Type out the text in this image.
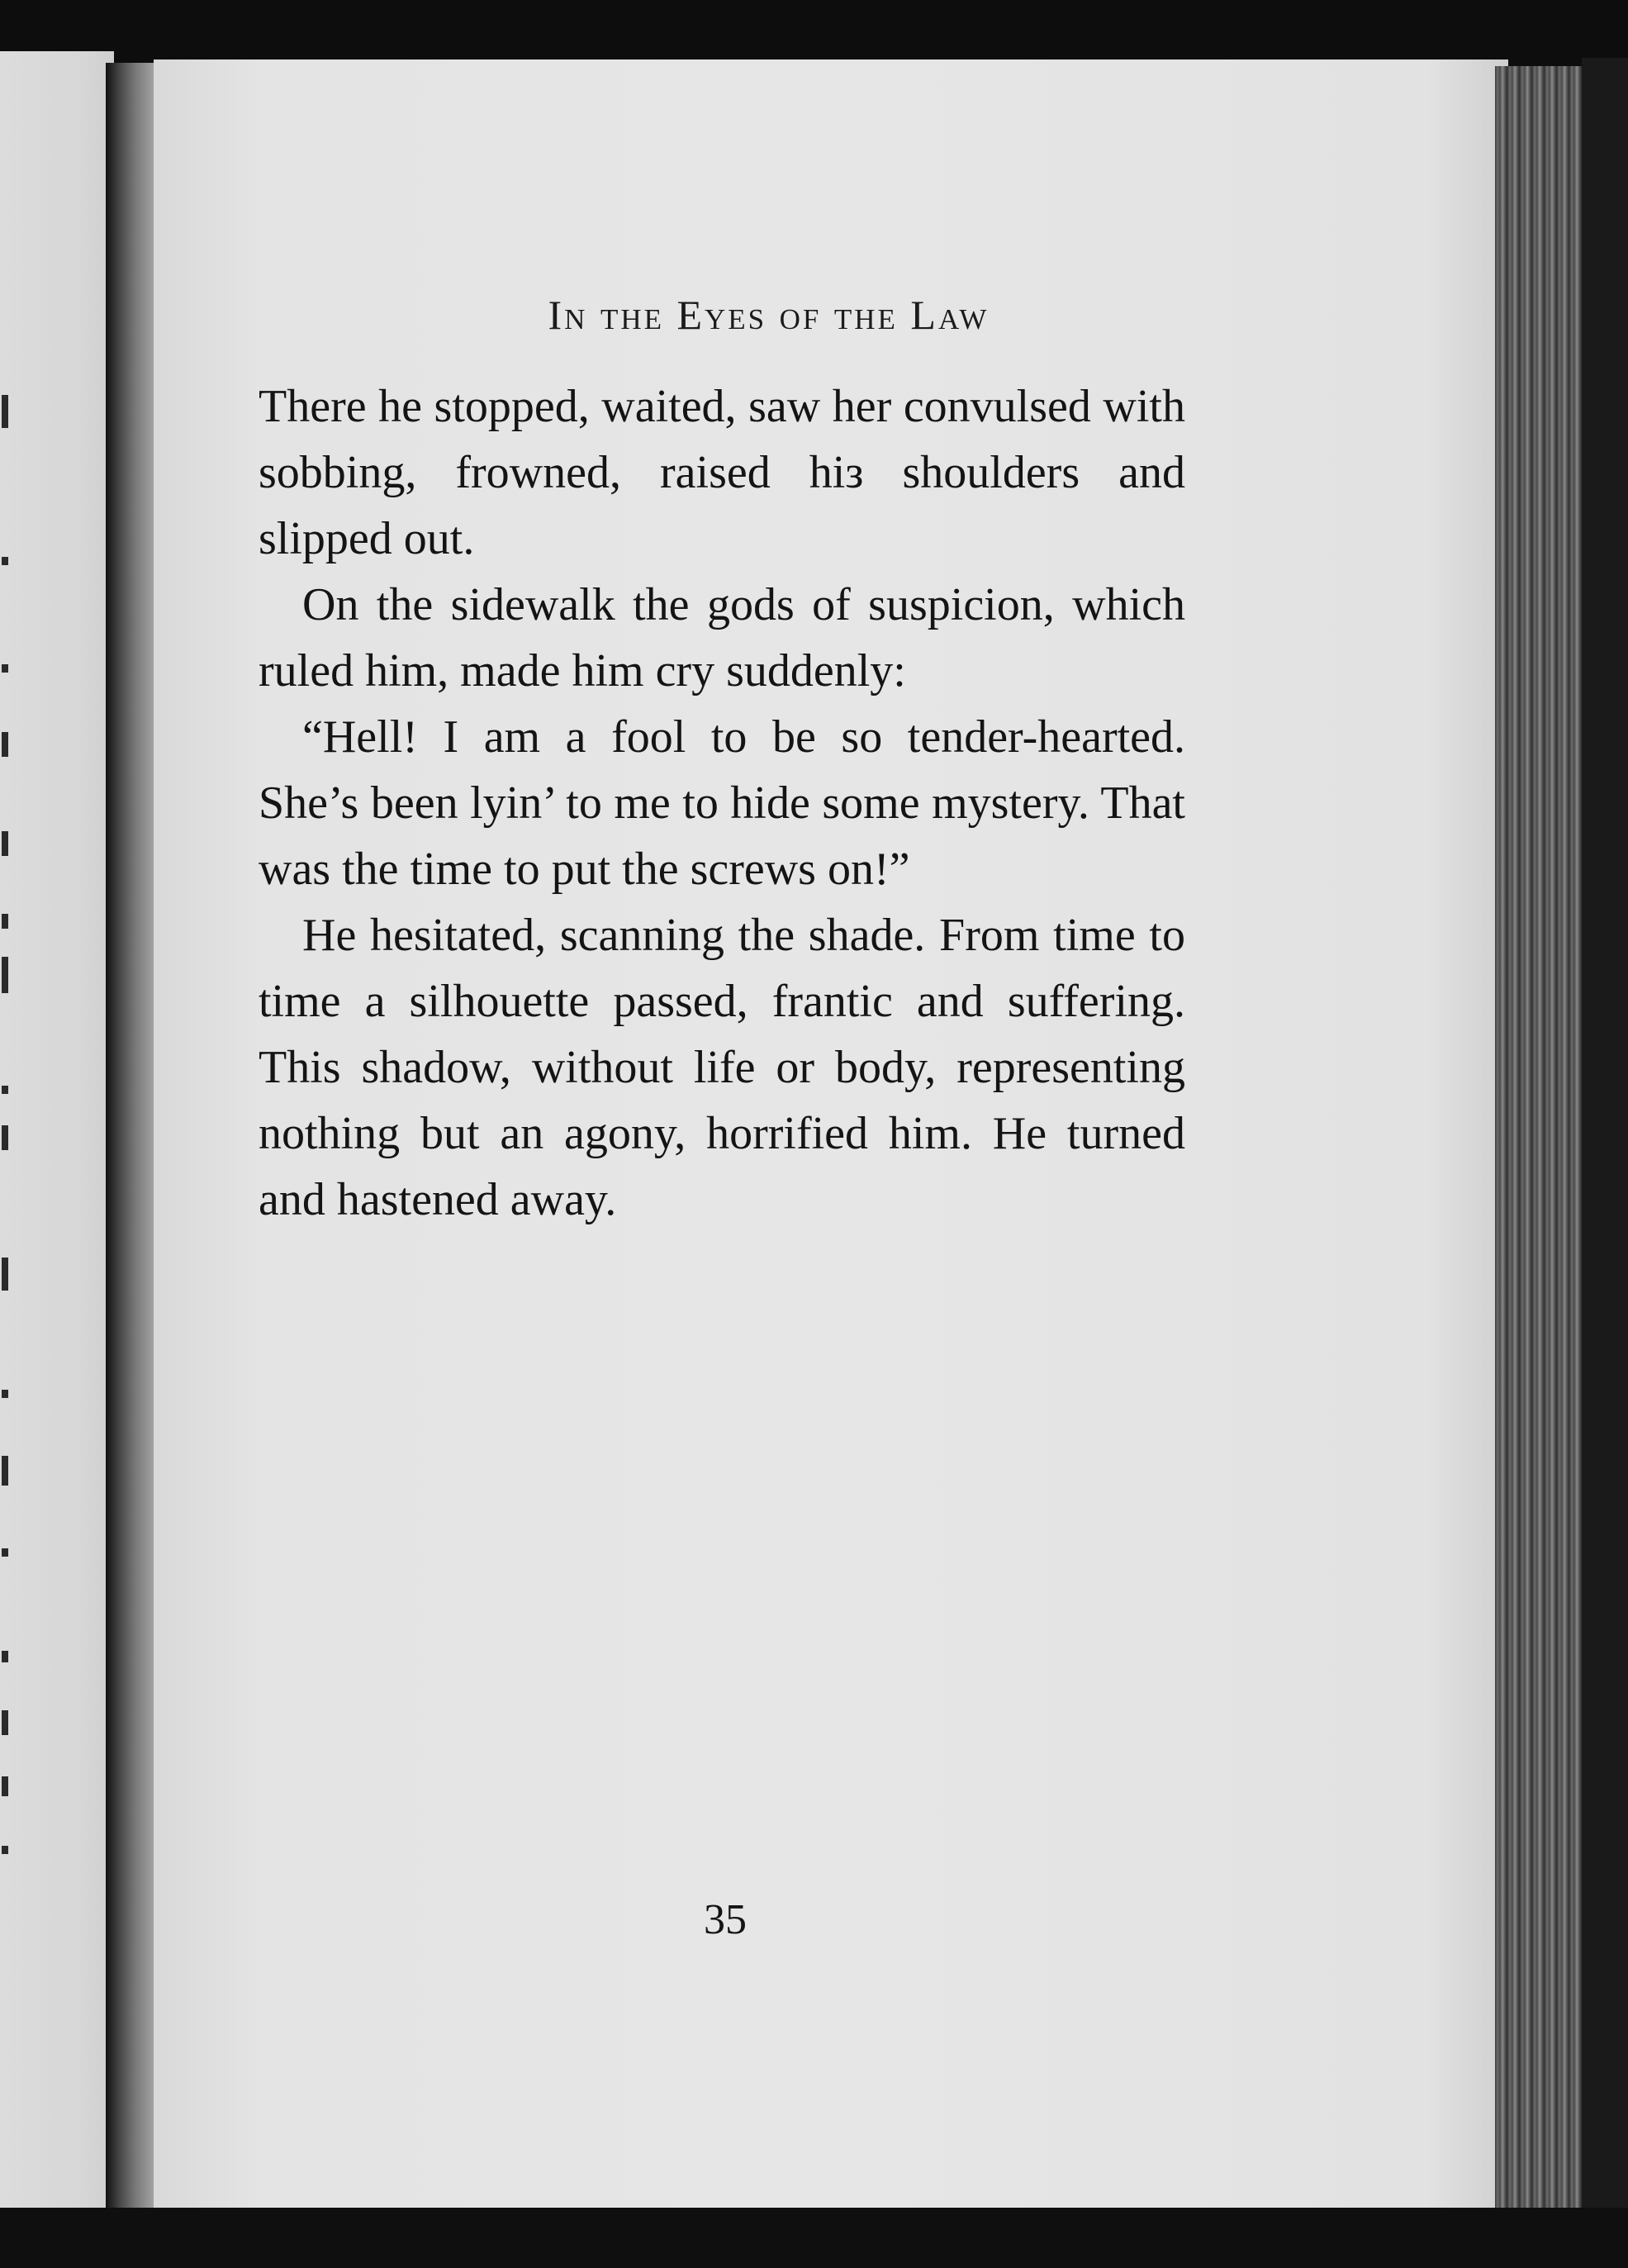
In the Eyes of the Law

There he stopped, waited, saw her convulsed with sobbing, frowned, raised hiз shoulders and slipped out.

On the sidewalk the gods of suspicion, which ruled him, made him cry suddenly:

“Hell! I am a fool to be so tender-hearted. She’s been lyin’ to me to hide some mystery. That was the time to put the screws on!”

He hesitated, scanning the shade. From time to time a silhouette passed, frantic and suffering. This shadow, without life or body, representing nothing but an agony, horrified him. He turned and hastened away.

35
